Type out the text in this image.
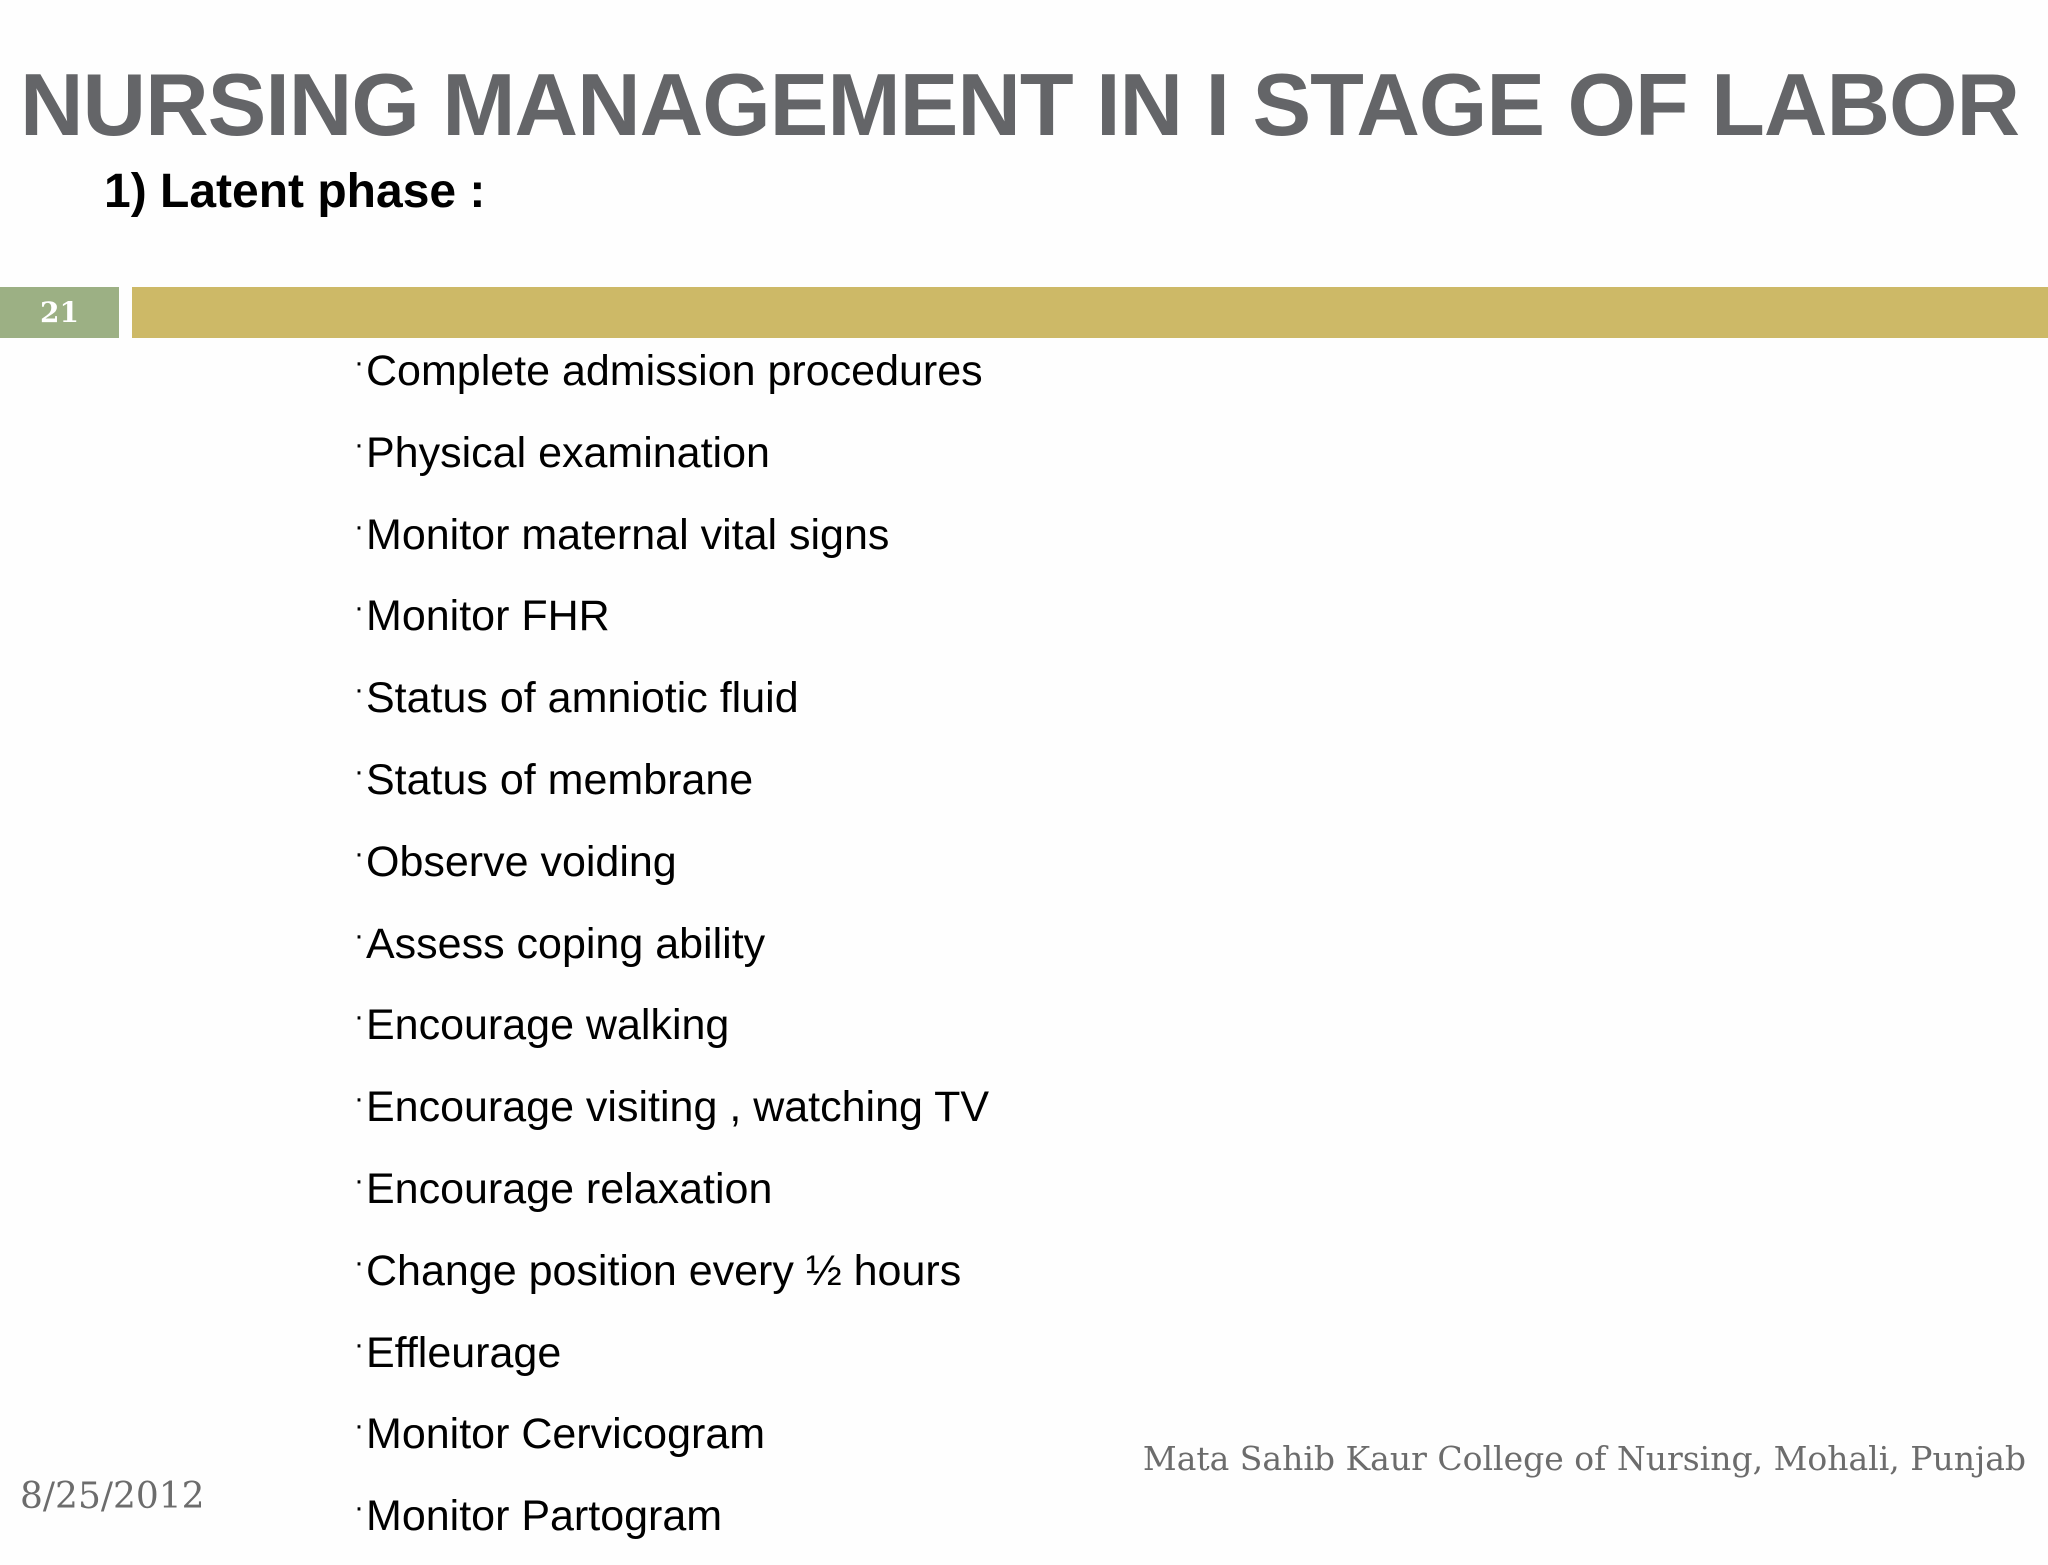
NURSING MANAGEMENT IN I STAGE OF LABOR
1) Latent phase :
21
· Complete admission procedures
· Physical examination
· Monitor maternal vital signs
· Monitor FHR
· Status of amniotic fluid
· Status of membrane
· Observe voiding
· Assess coping ability
· Encourage walking
· Encourage visiting , watching TV
· Encourage relaxation
· Change position every ½ hours
· Effleurage
· Monitor Cervicogram
· Monitor Partogram
8/25/2012
Mata Sahib Kaur College of Nursing, Mohali, Punjab
